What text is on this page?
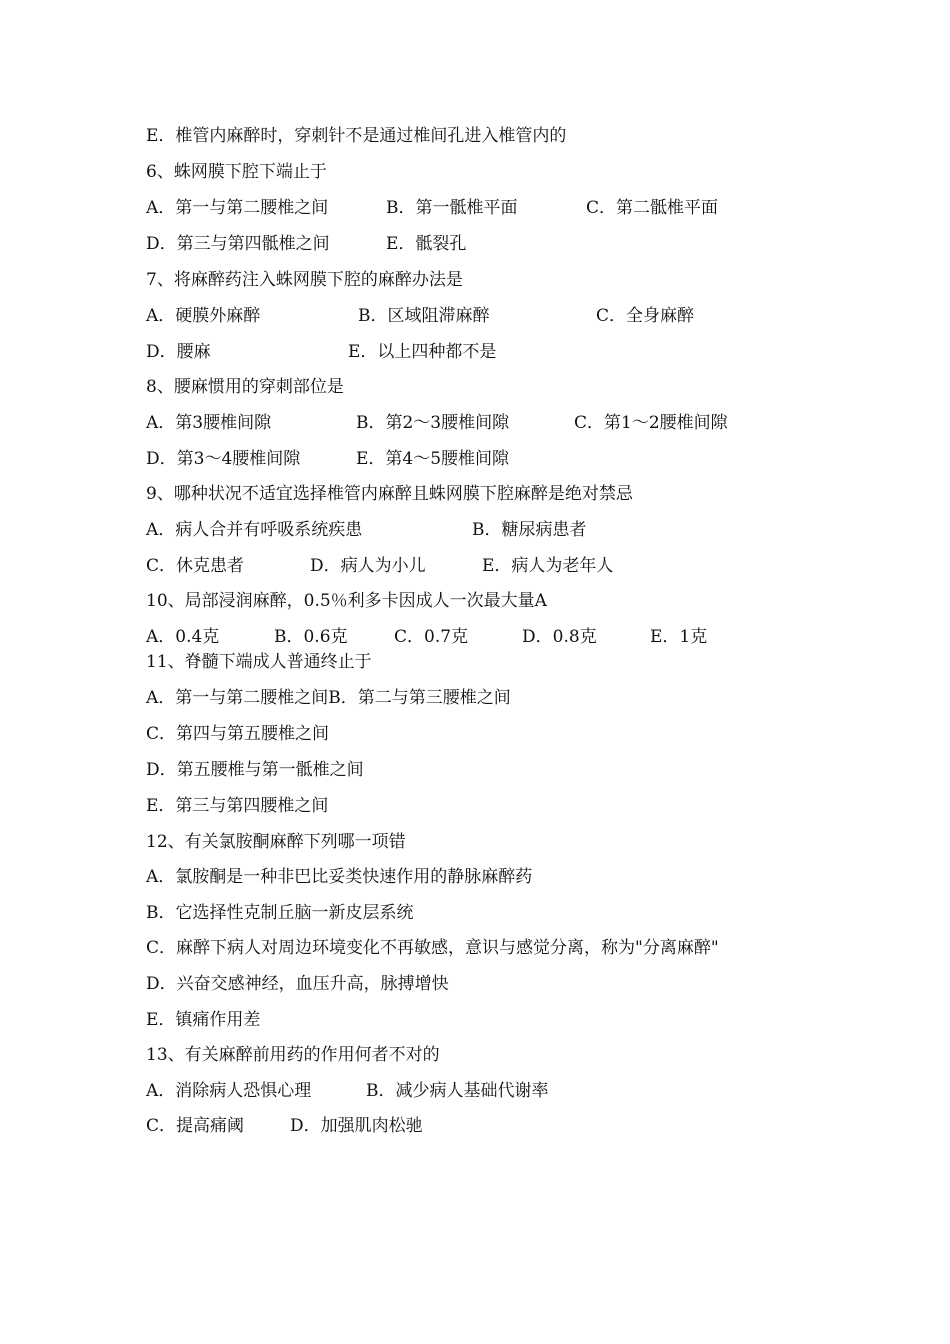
E．椎管内麻醉时，穿刺针不是通过椎间孔进入椎管内的
6、蛛网膜下腔下端止于
A．第一与第二腰椎之间	B．第一骶椎平面	C．第二骶椎平面
D．第三与第四骶椎之间	E．骶裂孔
7、将麻醉药注入蛛网膜下腔的麻醉办法是
A．硬膜外麻醉	B．区域阻滞麻醉	C．全身麻醉
D．腰麻	E．以上四种都不是
8、腰麻惯用的穿刺部位是
A．第3腰椎间隙	B．第2～3腰椎间隙	C．第1～2腰椎间隙
D．第3～4腰椎间隙	E．第4～5腰椎间隙
9、哪种状况不适宜选择椎管内麻醉且蛛网膜下腔麻醉是绝对禁忌
A．病人合并有呼吸系统疾患	B．糖尿病患者
C．休克患者	D．病人为小儿	E．病人为老年人
10、局部浸润麻醉，0.5％利多卡因成人一次最大量A
A．0.4克	B．0.6克	C．0.7克	D．0.8克	E．1克
11、脊髓下端成人普通终止于
A．第一与第二腰椎之间B．第二与第三腰椎之间
C．第四与第五腰椎之间
D．第五腰椎与第一骶椎之间
E．第三与第四腰椎之间
12、有关氯胺酮麻醉下列哪一项错
A．氯胺酮是一种非巴比妥类快速作用的静脉麻醉药
B．它选择性克制丘脑一新皮层系统
C．麻醉下病人对周边环境变化不再敏感，意识与感觉分离，称为"分离麻醉"
D．兴奋交感神经，血压升高，脉搏增快
E．镇痛作用差
13、有关麻醉前用药的作用何者不对的
A．消除病人恐惧心理	B．减少病人基础代谢率
C．提高痛阈	D．加强肌肉松驰
